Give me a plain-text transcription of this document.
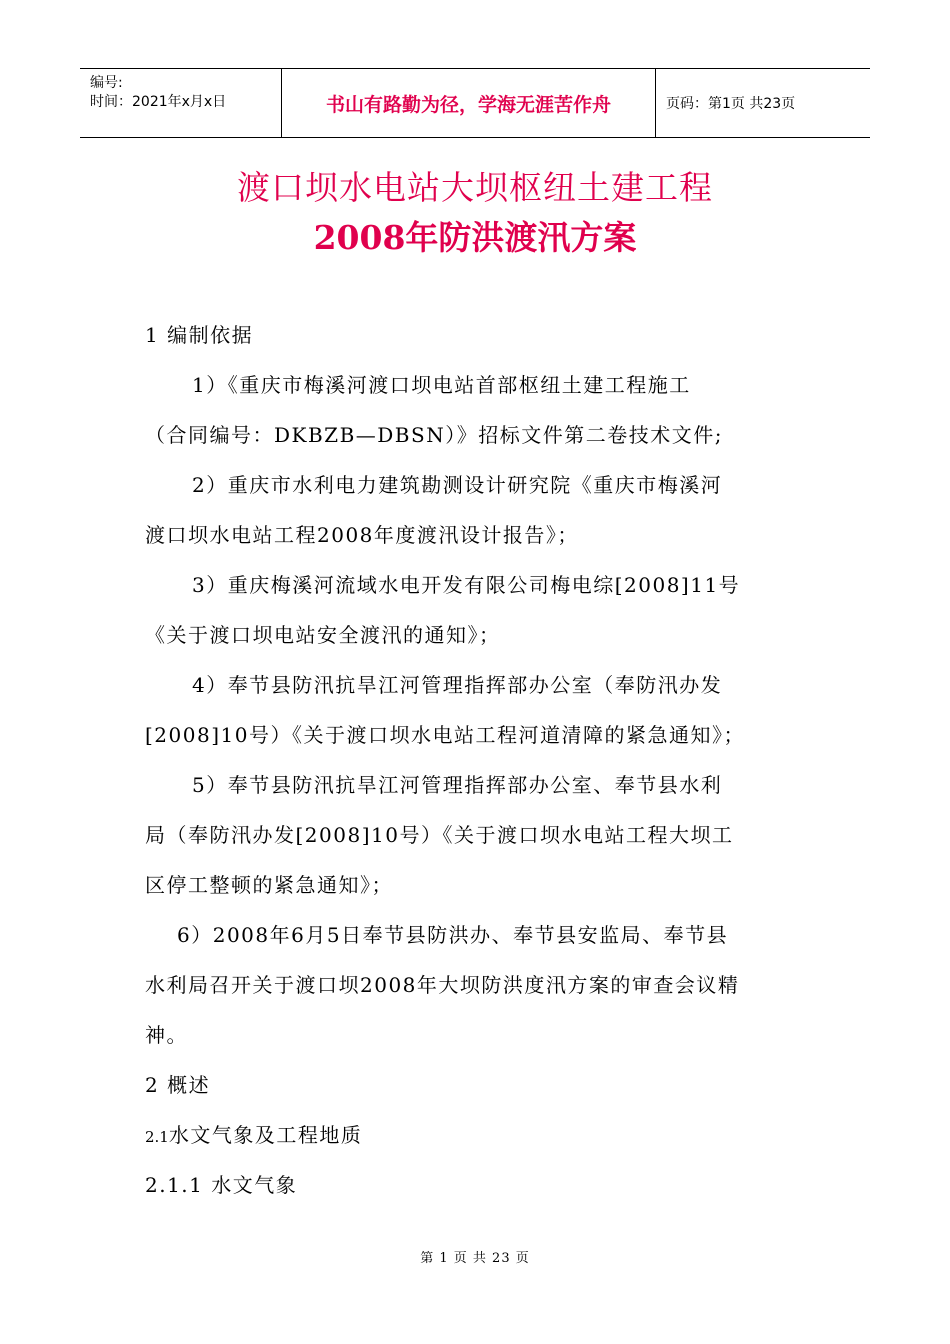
编号:
时间：2021年x月x日	书山有路勤为径，学海无涯苦作舟	页码：第1页 共23页
渡口坝水电站大坝枢纽土建工程
2008年防洪渡汛方案
1 编制依据
1）《重庆市梅溪河渡口坝电站首部枢纽土建工程施工
（合同编号：DKBZB—DBSN）》招标文件第二卷技术文件;
2）重庆市水利电力建筑勘测设计研究院《重庆市梅溪河
渡口坝水电站工程2008年度渡汛设计报告》；
3）重庆梅溪河流域水电开发有限公司梅电综[2008]11号
《关于渡口坝电站安全渡汛的通知》；
4）奉节县防汛抗旱江河管理指挥部办公室（奉防汛办发
[2008]10号）《关于渡口坝水电站工程河道清障的紧急通知》；
5）奉节县防汛抗旱江河管理指挥部办公室、奉节县水利
局（奉防汛办发[2008]10号）《关于渡口坝水电站工程大坝工
区停工整顿的紧急通知》；
6）2008年6月5日奉节县防洪办、奉节县安监局、奉节县
水利局召开关于渡口坝2008年大坝防洪度汛方案的审查会议精
神。
2 概述
2.1水文气象及工程地质
2.1.1 水文气象
第 1 页 共 23 页
